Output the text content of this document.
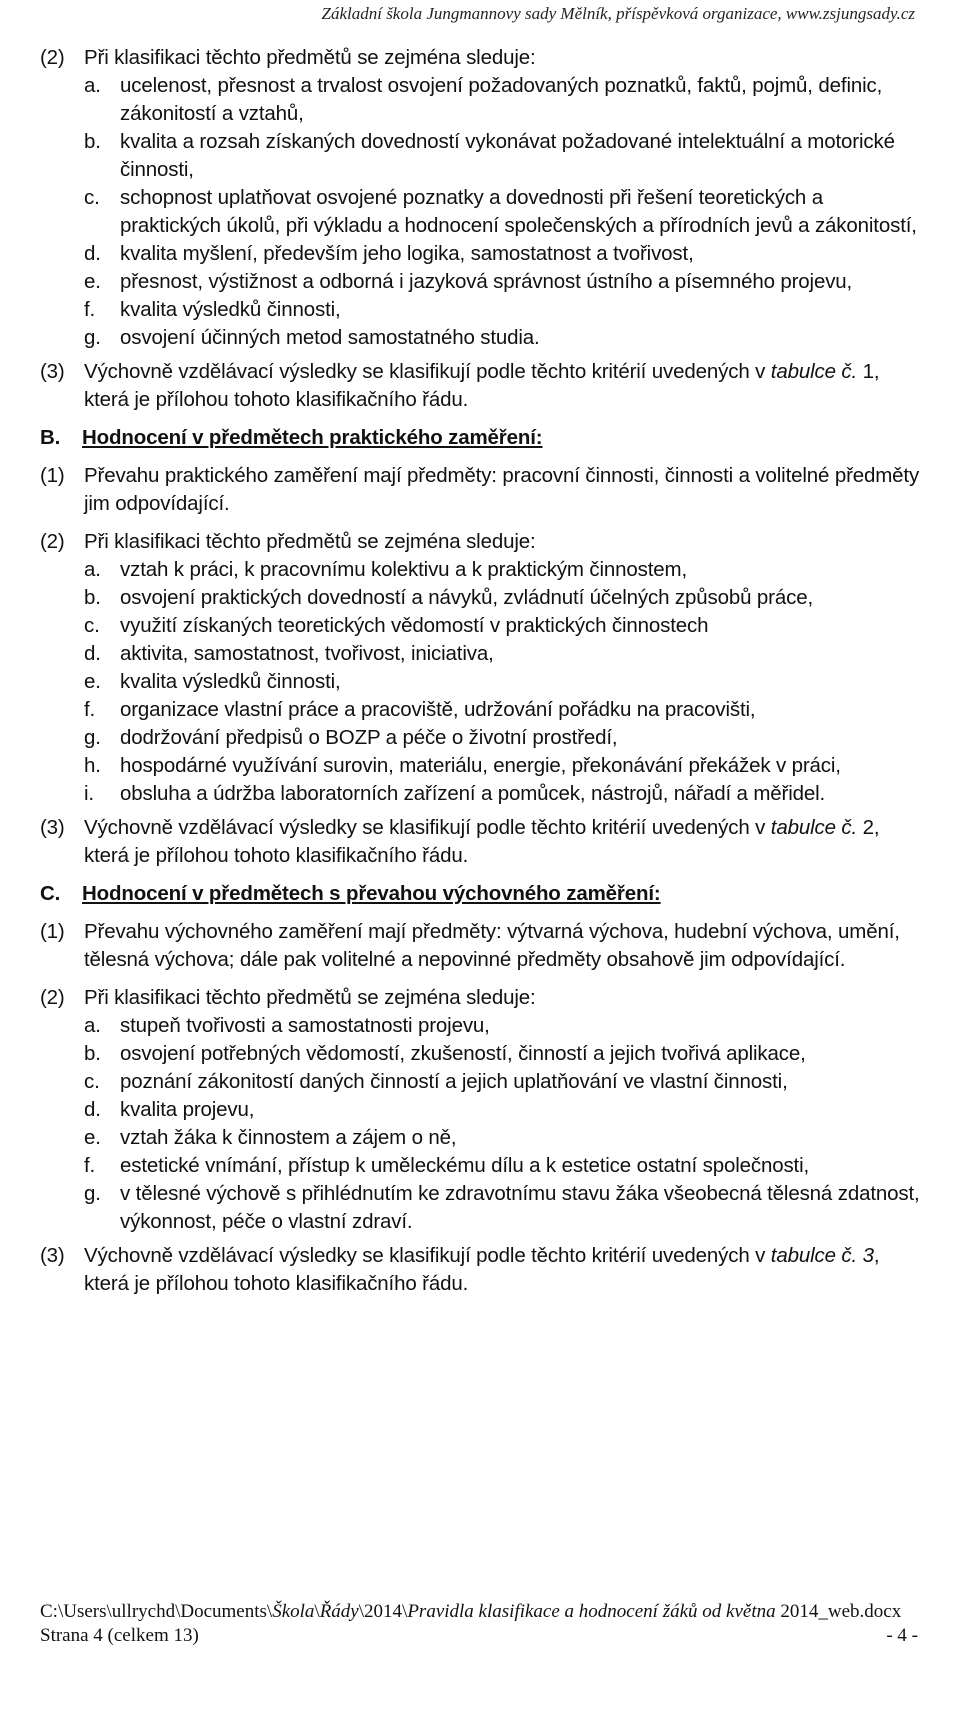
Základní škola Jungmannovy sady Mělník, příspěvková organizace, www.zsjungsady.cz
(2) Při klasifikaci těchto předmětů se zejména sleduje:
a. ucelenost, přesnost a trvalost osvojení požadovaných poznatků, faktů, pojmů, definic, zákonitostí a vztahů,
b. kvalita a rozsah získaných dovedností vykonávat požadované intelektuální a motorické činnosti,
c. schopnost uplatňovat osvojené poznatky a dovednosti při řešení teoretických a praktických úkolů, při výkladu a hodnocení společenských a přírodních jevů a zákonitostí,
d. kvalita myšlení, především jeho logika, samostatnost a tvořivost,
e. přesnost, výstižnost a odborná i jazyková správnost ústního a písemného projevu,
f. kvalita výsledků činnosti,
g. osvojení účinných metod samostatného studia.
(3) Výchovně vzdělávací výsledky se klasifikují podle těchto kritérií uvedených v tabulce č. 1, která je přílohou tohoto klasifikačního řádu.
B. Hodnocení v předmětech praktického zaměření:
(1) Převahu praktického zaměření mají předměty: pracovní činnosti, činnosti a volitelné předměty jim odpovídající.
(2) Při klasifikaci těchto předmětů se zejména sleduje:
a. vztah k práci, k pracovnímu kolektivu a k praktickým činnostem,
b. osvojení praktických dovedností a návyků, zvládnutí účelných způsobů práce,
c. využití získaných teoretických vědomostí v praktických činnostech
d. aktivita, samostatnost, tvořivost, iniciativa,
e. kvalita výsledků činnosti,
f. organizace vlastní práce a pracoviště, udržování pořádku na pracovišti,
g. dodržování předpisů o BOZP a péče o životní prostředí,
h. hospodárné využívání surovin, materiálu, energie, překonávání překážek v práci,
i. obsluha a údržba laboratorních zařízení a pomůcek, nástrojů, nářadí a měřidel.
(3) Výchovně vzdělávací výsledky se klasifikují podle těchto kritérií uvedených v tabulce č. 2, která je přílohou tohoto klasifikačního řádu.
C. Hodnocení v předmětech s převahou výchovného zaměření:
(1) Převahu výchovného zaměření mají předměty: výtvarná výchova, hudební výchova, umění, tělesná výchova; dále pak volitelné a nepovinné předměty obsahově jim odpovídající.
(2) Při klasifikaci těchto předmětů se zejména sleduje:
a. stupeň tvořivosti a samostatnosti projevu,
b. osvojení potřebných vědomostí, zkušeností, činností a jejich tvořivá aplikace,
c. poznání zákonitostí daných činností a jejich uplatňování ve vlastní činnosti,
d. kvalita projevu,
e. vztah žáka k činnostem a zájem o ně,
f. estetické vnímání, přístup k uměleckému dílu a k estetice ostatní společnosti,
g. v tělesné výchově s přihlédnutím ke zdravotnímu stavu žáka všeobecná tělesná zdatnost, výkonnost, péče o vlastní zdraví.
(3) Výchovně vzdělávací výsledky se klasifikují podle těchto kritérií uvedených v tabulce č. 3, která je přílohou tohoto klasifikačního řádu.
C:\Users\ullrychd\Documents\Škola\Řády\2014\Pravidla klasifikace a hodnocení žáků od května 2014_web.docx
Strana 4 (celkem 13)	- 4 -
